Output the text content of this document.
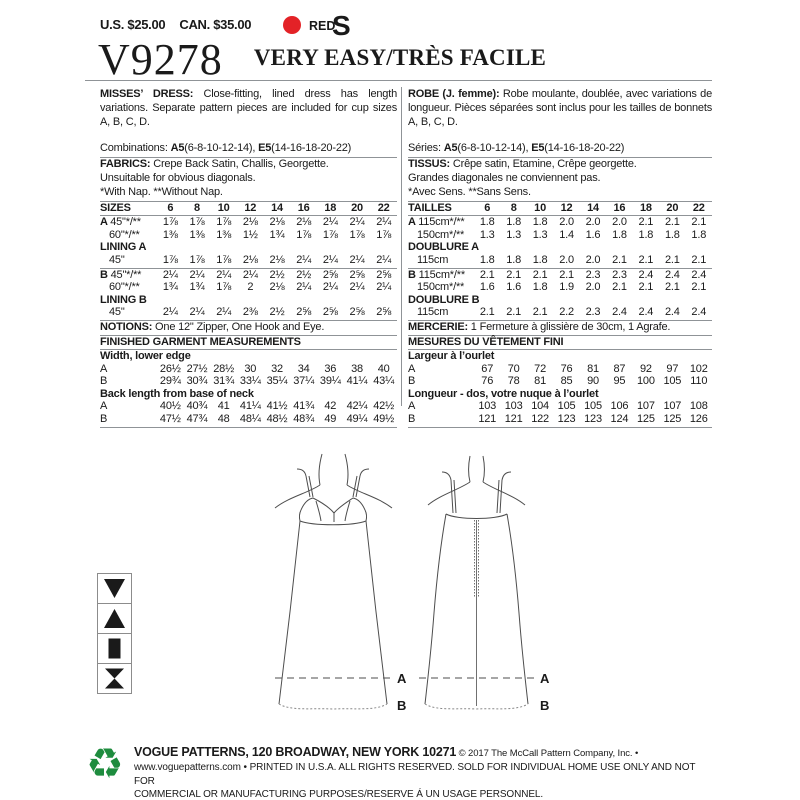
U.S. $25.00 CAN. $35.00	RED
S
V9278	VERY EASY/TRÈS FACILE

MISSES’ DRESS: Close-fitting, lined dress has length variations. Separate pattern pieces are included for cup sizes A, B, C, D.

Combinations: A5(6-8-10-12-14), E5(14-16-18-20-22)

FABRICS: Crepe Back Satin, Challis, Georgette.

Unsuitable for obvious diagonals.

*With Nap. **Without Nap.

SIZES	6	8	10	12	14	16	18	20	22
A 45"*/**	1⅞	1⅞	1⅞	2⅛	2⅛	2⅛	2¼	2¼	2¼
60"*/**	1⅜	1⅜	1⅜	1½	1¾	1⅞	1⅞	1⅞	1⅞
LINING A
45"	1⅞	1⅞	1⅞	2⅛	2⅛	2¼	2¼	2¼	2¼
B 45"*/**	2¼	2¼	2¼	2¼	2½	2½	2⅝	2⅝	2⅝
60"*/**	1¾	1¾	1⅞	2	2⅛	2¼	2¼	2¼	2¼
LINING B
45"	2¼	2¼	2¼	2⅜	2½	2⅝	2⅝	2⅝	2⅝

NOTIONS: One 12" Zipper, One Hook and Eye.

FINISHED GARMENT MEASUREMENTS

Width, lower edge
A	26½ 27½ 28½ 30	32	34	36	38	40
B	29¾ 30¾ 31¾ 33¼ 35¼ 37¼ 39¼ 41¼ 43¼
Back length from base of neck
A	40½ 40¾ 41 41¼ 41½ 41¾ 42 42¼ 42½
B	47½ 47¾ 48 48¼ 48½ 48¾ 49 49¼ 49½

ROBE (J. femme): Robe moulante, doublée, avec variations de longueur. Pièces séparées sont inclus pour les tailles de bonnets A, B, C, D.

Séries: A5(6-8-10-12-14), E5(14-16-18-20-22)

TISSUS: Crêpe satin, Etamine, Crêpe georgette.

Grandes diagonales ne conviennent pas.

*Avec Sens. **Sans Sens.

TAILLES	6	8	10	12	14	16	18	20	22
A 115cm*/**	1.8	1.8	1.8	2.0	2.0	2.0	2.1	2.1	2.1
150cm*/**	1.3	1.3	1.3	1.4	1.6	1.8	1.8	1.8	1.8
DOUBLURE A
115cm	1.8	1.8	1.8	2.0	2.0	2.1	2.1	2.1	2.1
B 115cm*/**	2.1	2.1	2.1	2.1	2.3	2.3	2.4	2.4	2.4
150cm*/**	1.6	1.6	1.8	1.9	2.0	2.1	2.1	2.1	2.1
DOUBLURE B
115cm	2.1	2.1	2.1	2.2	2.3	2.4	2.4	2.4	2.4

MERCERIE: 1 Fermeture à glissière de 30cm, 1 Agrafe.

MESURES DU VÊTEMENT FINI

Largeur à l’ourlet
A	67	70	72	76	81	87	92	97	102
B	76	78	81	85	90	95	100 105 110
Longueur - dos, votre nuque à l’ourlet
A	103 103 104 105 105 106 107 107 108
B	121 121 122 123 123 124 125 125 126
A
B
A
B
♻ VOGUE PATTERNS, 120 BROADWAY, NEW YORK 10271 © 2017 The McCall Pattern Company, Inc. •
www.voguepatterns.com • PRINTED IN U.S.A. ALL RIGHTS RESERVED. SOLD FOR INDIVIDUAL HOME USE ONLY AND NOT FOR
COMMERCIAL OR MANUFACTURING PURPOSES/RESERVE Á UN USAGE PERSONNEL.
